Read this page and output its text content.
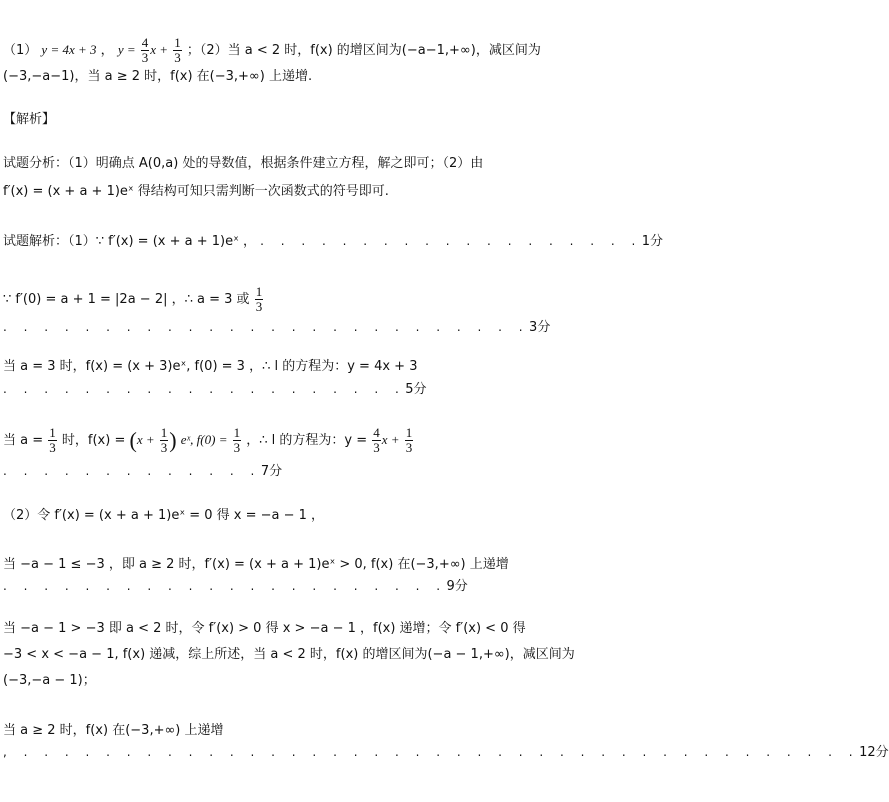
（1） y = 4x + 3 ， $y = \frac{4}{3}$ $x + \frac{1}{3}$ ；（2）当 a < 2 时，f(x) 的增区间为(−a−1,+∞)，减区间为
(−3,−a−1)，当 a ≥ 2 时，f(x) 在(−3,+∞) 上递增.
【解析】
试题分析：（1）明确点 A(0,a) 处的导数值，根据条件建立方程，解之即可；（2）由
f′(x) = (x + a + 1)eˣ 得结构可知只需判断一次函数式的符号即可.
试题解析：（1）∵ f′(x) = (x + a + 1)eˣ ， . . . . . . . . . . . . . . . . . . .1分
∵ f′(0) = a + 1 = |2a − 2| ，∴ a = 3 或 $\frac{1}{3}$
. . . . . . . . . . . . . . . . . . . . . . . . . .3分
当 a = 3 时，f(x) = (x + 3)eˣ, f(0) = 3 ，∴ l 的方程为：y = 4x + 3
. . . . . . . . . . . . . . . . . . . .5分
当 $a = \frac{1}{3}$ 时，$f(x) = (x + \frac{1}{3}$ ) eˣ, $f(0) = \frac{1}{3}$ ，∴ l 的方程为：$y = \frac{4}{3}$ $x + \frac{1}{3}$
. . . . . . . . . . . . .7分
（2）令 f′(x) = (x + a + 1)eˣ = 0 得 x = −a − 1 ，
当 −a − 1 ≤ −3 ，即 a ≥ 2 时，f′(x) = (x + a + 1)eˣ > 0, f(x) 在(−3,+∞) 上递增
. . . . . . . . . . . . . . . . . . . . . .9分
当 −a − 1 > −3 即 a < 2 时，令 f′(x) > 0 得 x > −a − 1 ，f(x) 递增；令 f′(x) < 0 得
−3 < x < −a − 1, f(x) 递减，综上所述，当 a < 2 时，f(x) 的增区间为(−a − 1,+∞)，减区间为
(−3,−a − 1)；
当 a ≥ 2 时，f(x) 在(−3,+∞) 上递增
, . . . . . . . . . . . . . . . . . . . . . . . . . . . . . . . . . . . . . . . . .12分
